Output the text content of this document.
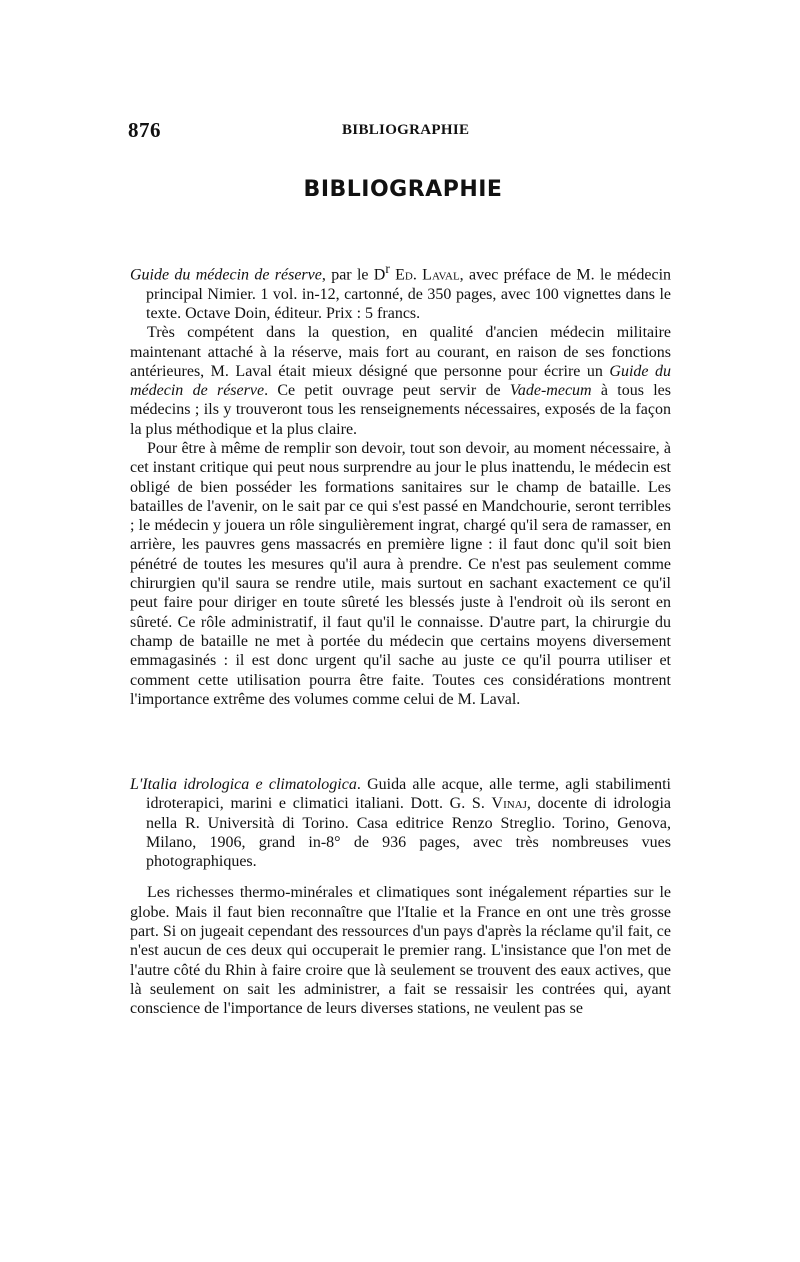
876	BIBLIOGRAPHIE
BIBLIOGRAPHIE

Guide du médecin de réserve, par le $D^r$ Ed. Laval, avec préface de M. le médecin principal Nimier. 1 vol. in-12, cartonné, de 350 pages, avec 100 vignettes dans le texte. Octave Doin, éditeur. Prix : 5 francs.

Très compétent dans la question, en qualité d'ancien médecin militaire maintenant attaché à la réserve, mais fort au courant, en raison de ses fonctions antérieures, M. Laval était mieux désigné que personne pour écrire un Guide du médecin de réserve. Ce petit ouvrage peut servir de Vade-mecum à tous les médecins ; ils y trouveront tous les renseignements nécessaires, exposés de la façon la plus méthodique et la plus claire.

Pour être à même de remplir son devoir, tout son devoir, au moment nécessaire, à cet instant critique qui peut nous surprendre au jour le plus inattendu, le médecin est obligé de bien posséder les formations sanitaires sur le champ de bataille. Les batailles de l'avenir, on le sait par ce qui s'est passé en Mandchourie, seront terribles ; le médecin y jouera un rôle singulièrement ingrat, chargé qu'il sera de ramasser, en arrière, les pauvres gens massacrés en première ligne : il faut donc qu'il soit bien pénétré de toutes les mesures qu'il aura à prendre. Ce n'est pas seulement comme chirurgien qu'il saura se rendre utile, mais surtout en sachant exactement ce qu'il peut faire pour diriger en toute sûreté les blessés juste à l'endroit où ils seront en sûreté. Ce rôle administratif, il faut qu'il le connaisse. D'autre part, la chirurgie du champ de bataille ne met à portée du médecin que certains moyens diversement emmagasinés : il est donc urgent qu'il sache au juste ce qu'il pourra utiliser et comment cette utilisation pourra être faite. Toutes ces considérations montrent l'importance extrême des volumes comme celui de M. Laval.

L'Italia idrologica e climatologica. Guida alle acque, alle terme, agli stabilimenti idroterapici, marini e climatici italiani. Dott. G. S. Vinaj, docente di idrologia nella R. Università di Torino. Casa editrice Renzo Streglio. Torino, Genova, Milano, 1906, grand in-8° de 936 pages, avec très nombreuses vues photographiques.

Les richesses thermo-minérales et climatiques sont inégalement réparties sur le globe. Mais il faut bien reconnaître que l'Italie et la France en ont une très grosse part. Si on jugeait cependant des ressources d'un pays d'après la réclame qu'il fait, ce n'est aucun de ces deux qui occuperait le premier rang. L'insistance que l'on met de l'autre côté du Rhin à faire croire que là seulement se trouvent des eaux actives, que là seulement on sait les administrer, a fait se ressaisir les contrées qui, ayant conscience de l'importance de leurs diverses stations, ne veulent pas se
